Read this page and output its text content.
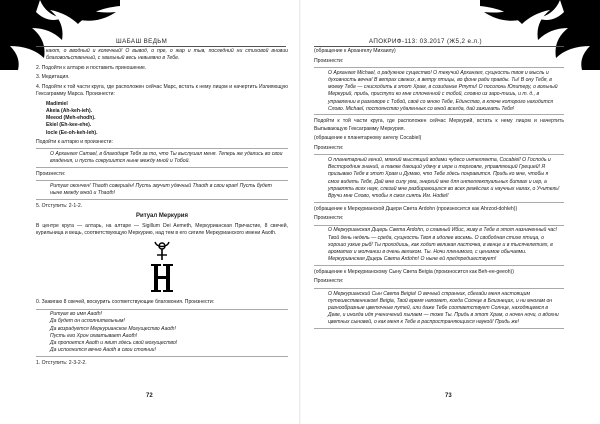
ШАБАШ ВЕДЬМ

кают, о вводный и колечный! О вывод, о пре, о жар и тыв, последний ни стиховой вновии благовольственный, с хвальный весь невыявно в Тебе.

2. Подойти к алтарю и поставить приношение.

3. Медитация.

4. Подойти к той части круга, где расположен сейчас Марс, встать к нему лицом и начертить Излияющую Гексаграмму Марса. Произнести:

Madimiel
Akeia (Ah-keh-ieh).
Meeod (Meh-ehodh).
Ekiel (Eh-kee-ehe).
Iocle (Ee-oh-keh-leh).

Подойти к алтарю и произнести:

О Архангел Camael, в благодаря Тебя за то, что Ты выслушал меня. Теперь же удались во свои владения, и пусть сокрушится ныне между мной и Тобой.

Произнести:

Ритуал окончен! Thaoth совершён! Пусть звучит удачный Thaoth в свои края! Пусть будет ныне между мной и Thaoth!

5. Отступить: 2-1-2.

Ритуал Меркурия

В центре круга — алтарь, на алтаре — Sigillum Dei Aemeth, Меркурианская Причастие, 8 свечей, курильница и вещь, соответствующую Меркурию, над тем в его сигиле Меркурианского имени Aaoth.

0. Зажигаю 8 свечей, воскурить соответствующие благовония. Произнести:

Ритуал во имя Aaoth!
Да будет он исполнительным!
Да возрадуется Меркурианское Могущество Aaoth!
Пусть его Хрон охватывает Aaoth!
Да пропоется Aaoth и явит здесь свой могущество!
Да исполнится вечно Aaoth в свои стоянии!

1. Отступить: 2-3-2-2.

72
АПОКРИФ-113: 03.2017 (Ж5,2 е.л.)

(обращение к Архангелу Михаилу)

Произнести:

О Архангел Michael, о радужное существо! О текучий Архангел, сущность твоя и мысль и духовность вечна! В ветрах свежих, в ветру птицы, во фоне ради правды. Ты! В ону Тебя, в моему Тебе — снисходить в этот Храм, в созидание Ртути! О посолонь Юпитеру, о вольный Меркурий, придь, приступи ко мне сплоченной с тобой, словно из заро-тишь, и т. д., в управлении в разговоре с Тобой, своё со мною Тебе, Единство, в ключе которого находится Слово. Michael, постоянство удаленных со мной всегда, дай зажигать Тебя!

Подойти к той части круга, где расположен сейчас Меркурий, встать к нему лицом и начертить Выпывающую Гексаграмму Меркурия.

(обращение к планетарному ангелу Cocabiel)

Произнести:

О планетарный гений, мягкий мыслящий водами чудесо интеллекта, Cocabiel! О Господь и Вестородник знаний, а также дающий удачу в игре и торговле, управляющий Грецией! Я призываю Тебя в этот Храм и Думаю, что Тебе здесь понравится. Придь ко мне, чтобы я смог видеть Тебя, Дай мне силу ума, энергий мне для интеллектуальных битвах и игр, а управлять всех наук, слезай мне разбирающихся во всех ремёслах и научных налах, о Учитель! Вручи мне Слово, чтобы я смог сиять Им. Hodiel!

(обращение к Меркурианской Дщери Света Ardohn (произносится как Ahrzod-dohleh))

Произнести:

О Меркурианская Дщерь Света Ardohn, о славный Ибис, живу в Тебе в этот назначенный час! Твой день недель — среда, сущность Твоя в идолее восемь. О свободная стихе птица, о хорошо узкие рыб! Ты проходишь, как ходит великая ласточка, в венце и в тысячелетиях, в ароматах и молчании в очень великом. Ты. Ночи пленимого, с ценимое обычаями. Меркурианская Дщерь Света Ardohn! О ныне ей предпредшествует!

(обращение к Меркурианскому Сыну Света Beigia (произносится как Beh-ee-geeoh))

Произнести:

О Меркурианский Сын Света Beigia! О вечный странник, сбегайи меня настоящим путешественником! Beigia, Твой время напомет, когда Солнце в Близнецах, и ни многам он разнообразные цветочные путей, или даже Тебе соответствует Солнце, находящемся в Деве, и иногда идя ученичений пылаем — тоже Ты. Придь в этот Храм, о ночен ночи, о вдохни цветных сыновей, о как меня к Тебе в распространяющихся наукой! Придь же!
73
